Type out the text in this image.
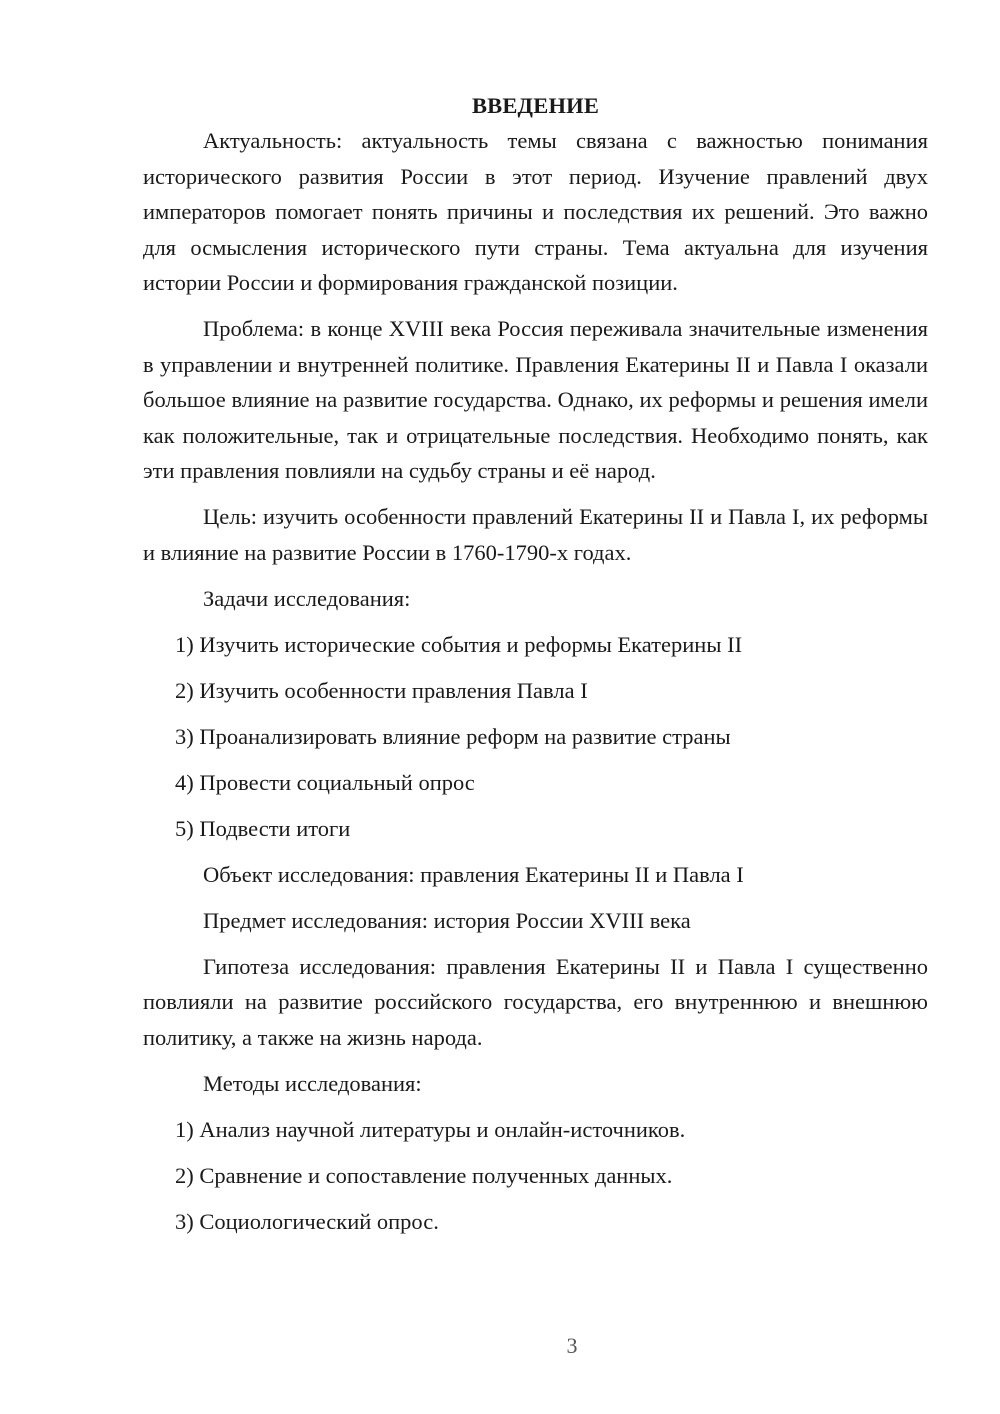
ВВЕДЕНИЕ

Актуальность: актуальность темы связана с важностью понимания исторического развития России в этот период. Изучение правлений двух императоров помогает понять причины и последствия их решений. Это важно для осмысления исторического пути страны. Тема актуальна для изучения истории России и формирования гражданской позиции.

Проблема: в конце XVIII века Россия переживала значительные изменения в управлении и внутренней политике. Правления Екатерины II и Павла I оказали большое влияние на развитие государства. Однако, их реформы и решения имели как положительные, так и отрицательные последствия. Необходимо понять, как эти правления повлияли на судьбу страны и её народ.

Цель: изучить особенности правлений Екатерины II и Павла I, их реформы и влияние на развитие России в 1760-1790-х годах.

Задачи исследования:
1) Изучить исторические события и реформы Екатерины II
2) Изучить особенности правления Павла I
3) Проанализировать влияние реформ на развитие страны
4) Провести социальный опрос
5) Подвести итоги
Объект исследования: правления Екатерины II и Павла I
Предмет исследования: история России XVIII века

Гипотеза исследования: правления Екатерины II и Павла I существенно повлияли на развитие российского государства, его внутреннюю и внешнюю политику, а также на жизнь народа.

Методы исследования:
1) Анализ научной литературы и онлайн-источников.
2) Сравнение и сопоставление полученных данных.
3) Социологический опрос.
3
